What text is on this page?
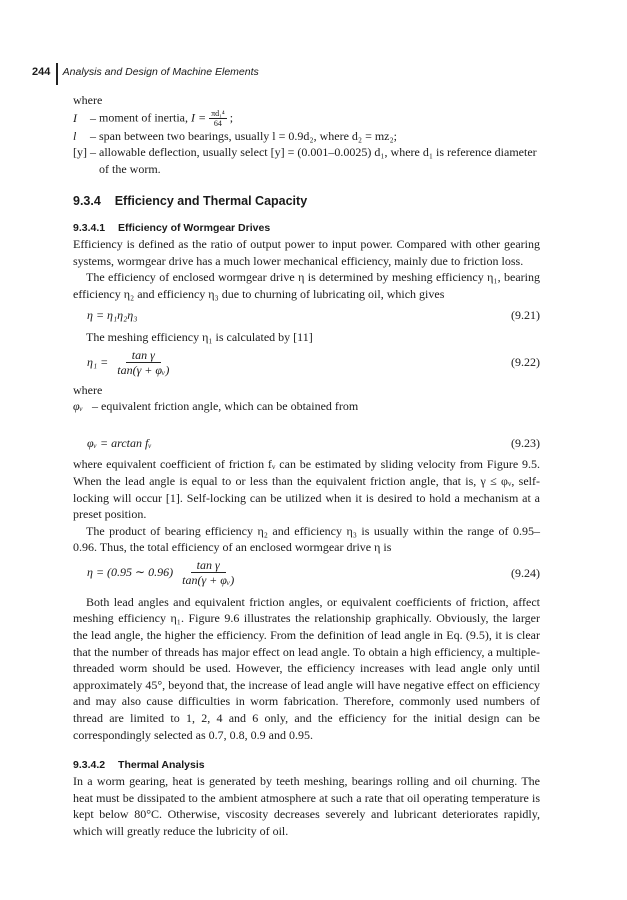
244 Analysis and Design of Machine Elements

where

I	– moment of inertia, $I = \frac{\text{πd₁⁴}}{64}$ ;
l	– span between two bearings, usually l = 0.9d₂, where d₂ = mz₂;
[y] – allowable deflection, usually select [y] = (0.001–0.0025) d₁, where d₁ is reference diameter of the worm.
9.3.4 Efficiency and Thermal Capacity
9.3.4.1 Efficiency of Wormgear Drives

Efficiency is defined as the ratio of output power to input power. Compared with other gearing systems, wormgear drive has a much lower mechanical efficiency, mainly due to friction loss.

The efficiency of enclosed wormgear drive η is determined by meshing efficiency η₁, bearing efficiency η₂ and efficiency η₃ due to churning of lubricating oil, which gives

η = η₁η₂η₃	(9.21)

The meshing efficiency η₁ is calculated by [11]

$\eta_1 = \frac{\text{tan γ}}{\text{tan(γ + φᵥ)}}$	(9.22)

where

φᵥ – equivalent friction angle, which can be obtained from
φᵥ = arctan fᵥ	(9.23)

where equivalent coefficient of friction fᵥ can be estimated by sliding velocity from Figure 9.5. When the lead angle is equal to or less than the equivalent friction angle, that is, γ ≤ φᵥ, self-locking will occur [1]. Self-locking can be utilized when it is desired to hold a mechanism at a preset position.

The product of bearing efficiency η₂ and efficiency η₃ is usually within the range of 0.95–0.96. Thus, the total efficiency of an enclosed wormgear drive η is

η = (0.95 ∼ $0.96) \frac{\text{tan γ}}{\text{tan(γ + φᵥ)}}$	(9.24)

Both lead angles and equivalent friction angles, or equivalent coefficients of friction, affect meshing efficiency η₁. Figure 9.6 illustrates the relationship graphically. Obviously, the larger the lead angle, the higher the efficiency. From the definition of lead angle in Eq. (9.5), it is clear that the number of threads has major effect on lead angle. To obtain a high efficiency, a multiple-threaded worm should be used. However, the efficiency increases with lead angle only until approximately 45°, beyond that, the increase of lead angle will have negative effect on efficiency and may also cause difficulties in worm fabrication. Therefore, commonly used numbers of thread are limited to 1, 2, 4 and 6 only, and the efficiency for the initial design can be correspondingly selected as 0.7, 0.8, 0.9 and 0.95.

9.3.4.2 Thermal Analysis

In a worm gearing, heat is generated by teeth meshing, bearings rolling and oil churning. The heat must be dissipated to the ambient atmosphere at such a rate that oil operating temperature is kept below 80°C. Otherwise, viscosity decreases severely and lubricant deteriorates rapidly, which will greatly reduce the lubricity of oil.
